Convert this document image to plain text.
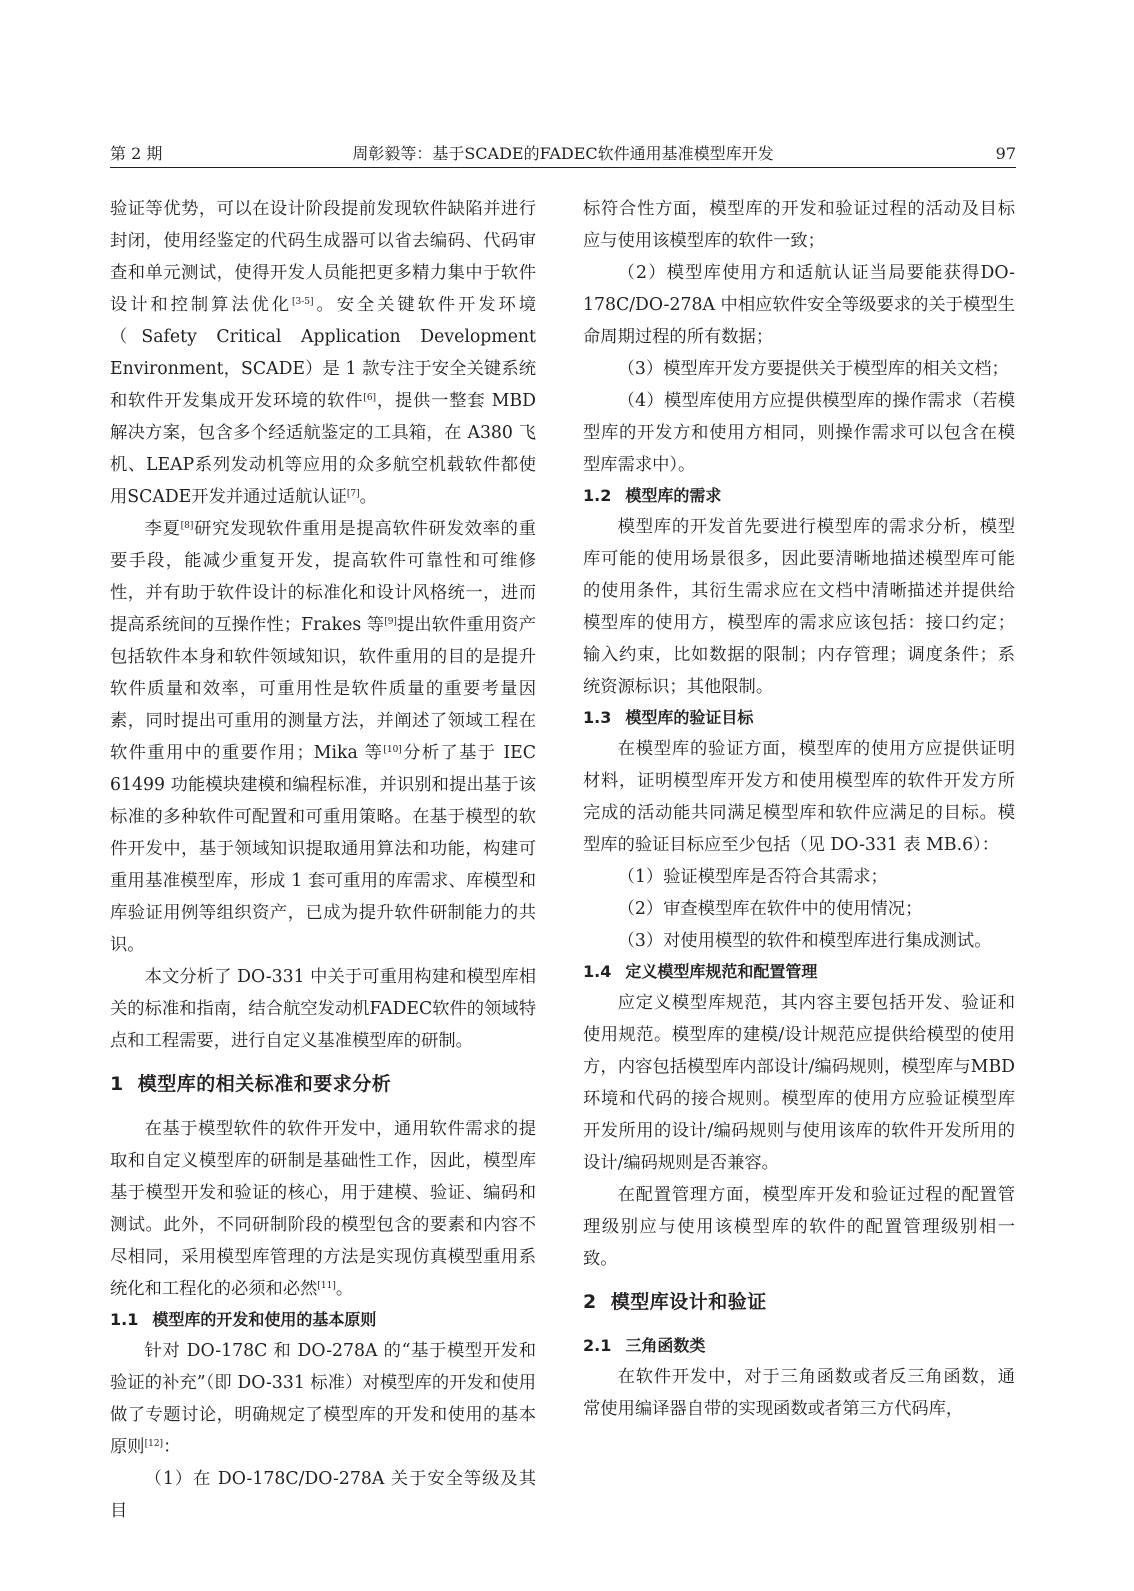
第 2 期	周彰毅等：基于SCADE的FADEC软件通用基准模型库开发	97

验证等优势，可以在设计阶段提前发现软件缺陷并进行封闭，使用经鉴定的代码生成器可以省去编码、代码审查和单元测试，使得开发人员能把更多精力集中于软件设计和控制算法优化[3-5]。安全关键软件开发环境（Safety Critical Application Development Environment，SCADE）是 1 款专注于安全关键系统和软件开发集成开发环境的软件[6]，提供一整套 MBD 解决方案，包含多个经适航鉴定的工具箱，在 A380 飞机、LEAP系列发动机等应用的众多航空机载软件都使用SCADE开发并通过适航认证[7]。

李夏[8]研究发现软件重用是提高软件研发效率的重要手段，能减少重复开发，提高软件可靠性和可维修性，并有助于软件设计的标准化和设计风格统一，进而提高系统间的互操作性；Frakes 等[9]提出软件重用资产包括软件本身和软件领域知识，软件重用的目的是提升软件质量和效率，可重用性是软件质量的重要考量因素，同时提出可重用的测量方法，并阐述了领域工程在软件重用中的重要作用；Mika 等[10]分析了基于 IEC 61499 功能模块建模和编程标准，并识别和提出基于该标准的多种软件可配置和可重用策略。在基于模型的软件开发中，基于领域知识提取通用算法和功能，构建可重用基准模型库，形成 1 套可重用的库需求、库模型和库验证用例等组织资产，已成为提升软件研制能力的共识。

本文分析了 DO-331 中关于可重用构建和模型库相关的标准和指南，结合航空发动机FADEC软件的领域特点和工程需要，进行自定义基准模型库的研制。

1 模型库的相关标准和要求分析

在基于模型软件的软件开发中，通用软件需求的提取和自定义模型库的研制是基础性工作，因此，模型库基于模型开发和验证的核心，用于建模、验证、编码和测试。此外，不同研制阶段的模型包含的要素和内容不尽相同，采用模型库管理的方法是实现仿真模型重用系统化和工程化的必须和必然[11]。

1.1 模型库的开发和使用的基本原则

针对 DO-178C 和 DO-278A 的“基于模型开发和验证的补充”（即 DO-331 标准）对模型库的开发和使用做了专题讨论，明确规定了模型库的开发和使用的基本原则[12]：

（1）在 DO-178C/DO-278A 关于安全等级及其目

标符合性方面，模型库的开发和验证过程的活动及目标应与使用该模型库的软件一致；

（2）模型库使用方和适航认证当局要能获得DO-178C/DO-278A 中相应软件安全等级要求的关于模型生命周期过程的所有数据；

（3）模型库开发方要提供关于模型库的相关文档；

（4）模型库使用方应提供模型库的操作需求（若模型库的开发方和使用方相同，则操作需求可以包含在模型库需求中）。

1.2 模型库的需求

模型库的开发首先要进行模型库的需求分析，模型库可能的使用场景很多，因此要清晰地描述模型库可能的使用条件，其衍生需求应在文档中清晰描述并提供给模型库的使用方，模型库的需求应该包括：接口约定；输入约束，比如数据的限制；内存管理；调度条件；系统资源标识；其他限制。

1.3 模型库的验证目标

在模型库的验证方面，模型库的使用方应提供证明材料，证明模型库开发方和使用模型库的软件开发方所完成的活动能共同满足模型库和软件应满足的目标。模型库的验证目标应至少包括（见 DO-331 表 MB.6）：

（1）验证模型库是否符合其需求；

（2）审查模型库在软件中的使用情况；

（3）对使用模型的软件和模型库进行集成测试。

1.4 定义模型库规范和配置管理

应定义模型库规范，其内容主要包括开发、验证和使用规范。模型库的建模/设计规范应提供给模型的使用方，内容包括模型库内部设计/编码规则，模型库与MBD环境和代码的接合规则。模型库的使用方应验证模型库开发所用的设计/编码规则与使用该库的软件开发所用的设计/编码规则是否兼容。

在配置管理方面，模型库开发和验证过程的配置管理级别应与使用该模型库的软件的配置管理级别相一致。

2 模型库设计和验证
2.1 三角函数类

在软件开发中，对于三角函数或者反三角函数，通常使用编译器自带的实现函数或者第三方代码库，
